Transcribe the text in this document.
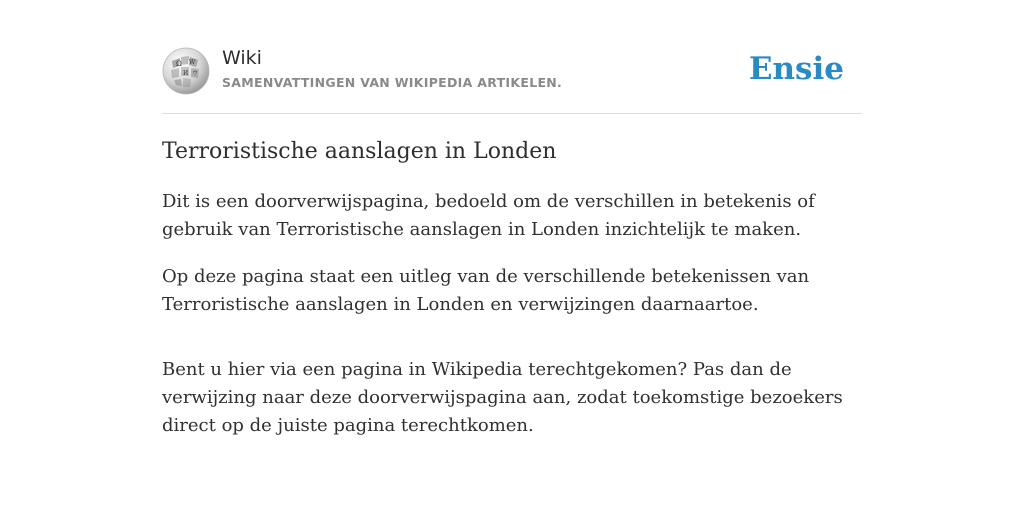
Ω W
И ウ
Wiki
SAMENVATTINGEN VAN WIKIPEDIA ARTIKELEN.	Ensie
Terroristische aanslagen in Londen

Dit is een doorverwijspagina, bedoeld om de verschillen in betekenis of gebruik van Terroristische aanslagen in Londen inzichtelijk te maken.

Op deze pagina staat een uitleg van de verschillende betekenissen van Terroristische aanslagen in Londen en verwijzingen daarnaartoe.

Bent u hier via een pagina in Wikipedia terechtgekomen? Pas dan de verwijzing naar deze doorverwijspagina aan, zodat toekomstige bezoekers direct op de juiste pagina terechtkomen.
